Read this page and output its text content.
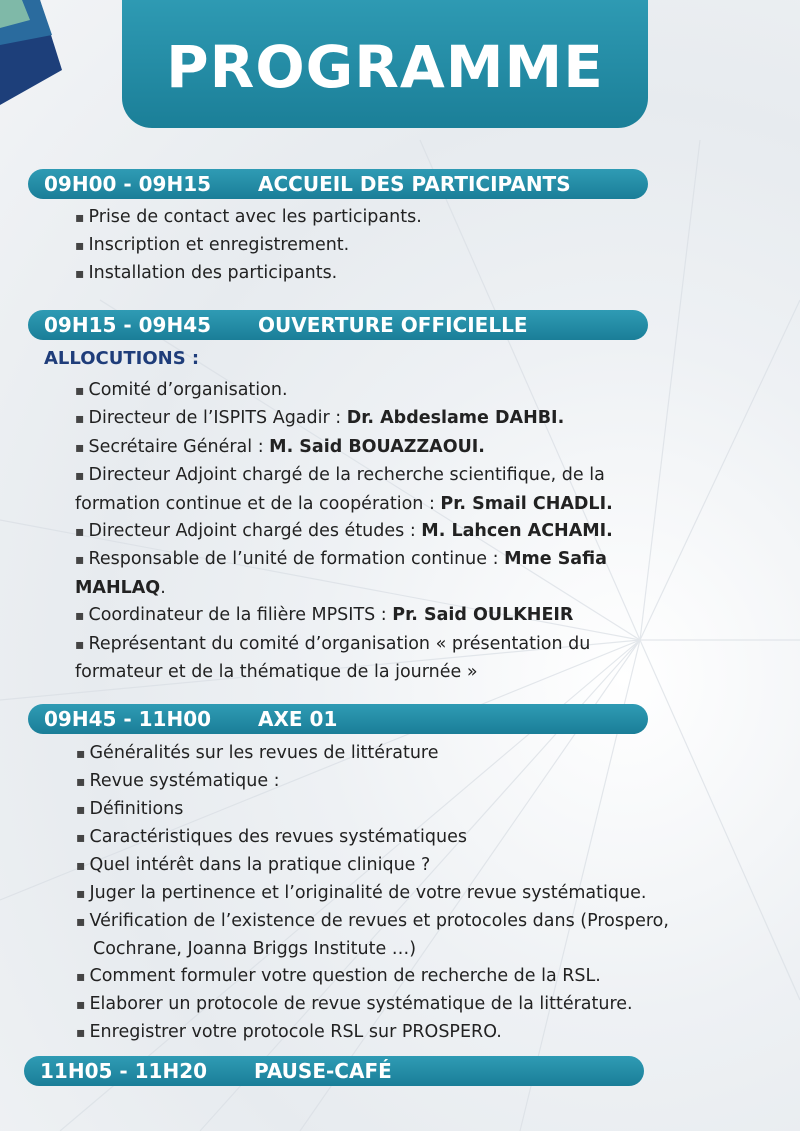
PROGRAMME
09H00 - 09H15	ACCUEIL DES PARTICIPANTS
▪ Prise de contact avec les participants.
▪ Inscription et enregistrement.
▪ Installation des participants.
09H15 - 09H45	OUVERTURE OFFICIELLE
ALLOCUTIONS :
▪ Comité d’organisation.
▪ Directeur de l’ISPITS Agadir : Dr. Abdeslame DAHBI.
▪ Secrétaire Général : M. Said BOUAZZAOUI.
▪ Directeur Adjoint chargé de la recherche scientifique, de la
formation continue et de la coopération : Pr. Smail CHADLI.
▪ Directeur Adjoint chargé des études : M. Lahcen ACHAMI.
▪ Responsable de l’unité de formation continue : Mme Safia
MAHLAQ.
▪ Coordinateur de la filière MPSITS : Pr. Said OULKHEIR
▪ Représentant du comité d’organisation « présentation du
formateur et de la thématique de la journée »
09H45 - 11H00	AXE 01
▪ Généralités sur les revues de littérature
▪ Revue systématique :
▪ Définitions
▪ Caractéristiques des revues systématiques
▪ Quel intérêt dans la pratique clinique ?
▪ Juger la pertinence et l’originalité de votre revue systématique.
▪ Vérification de l’existence de revues et protocoles dans (Prospero,
Cochrane, Joanna Briggs Institute …)
▪ Comment formuler votre question de recherche de la RSL.
▪ Elaborer un protocole de revue systématique de la littérature.
▪ Enregistrer votre protocole RSL sur PROSPERO.
11H05 - 11H20	PAUSE-CAFÉ
